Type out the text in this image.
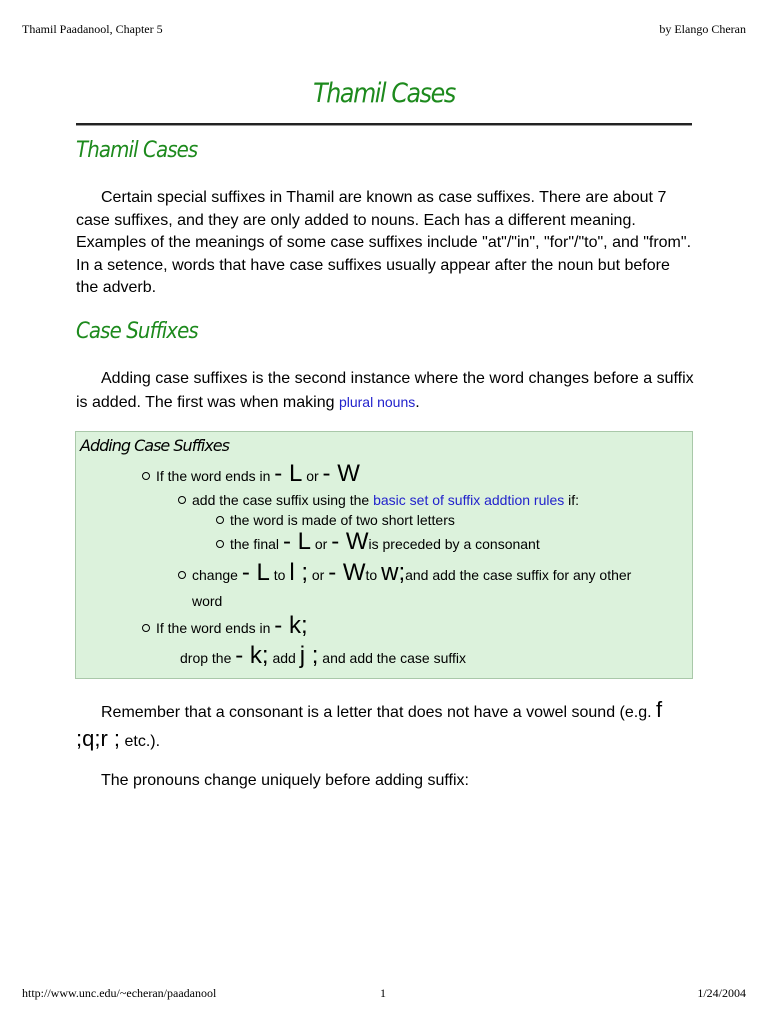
Thamil Paadanool, Chapter 5	by Elango Cheran
Thamil Cases
Thamil Cases
Certain special suffixes in Thamil are known as case suffixes. There are about 7 case suffixes, and they are only added to nouns. Each has a different meaning. Examples of the meanings of some case suffixes include "at"/"in", "for"/"to", and "from". In a setence, words that have case suffixes usually appear after the noun but before the adverb.
Case Suffixes
Adding case suffixes is the second instance where the word changes before a suffix is added. The first was when making plural nouns.
Adding Case Suffixes
If the word ends in - L or - W
add the case suffix using the basic set of suffix addtion rules if:
the word is made of two short letters
the final - L or - Wis preceded by a consonant
change - L to l ; or - Wto w;and add the case suffix for any other
word
If the word ends in - k;
drop the - k; add j ; and add the case suffix
Remember that a consonant is a letter that does not have a vowel sound (e.g. f ;q;r ; etc.).
The pronouns change uniquely before adding suffix:
http://www.unc.edu/~echeran/paadanool	1	1/24/2004
